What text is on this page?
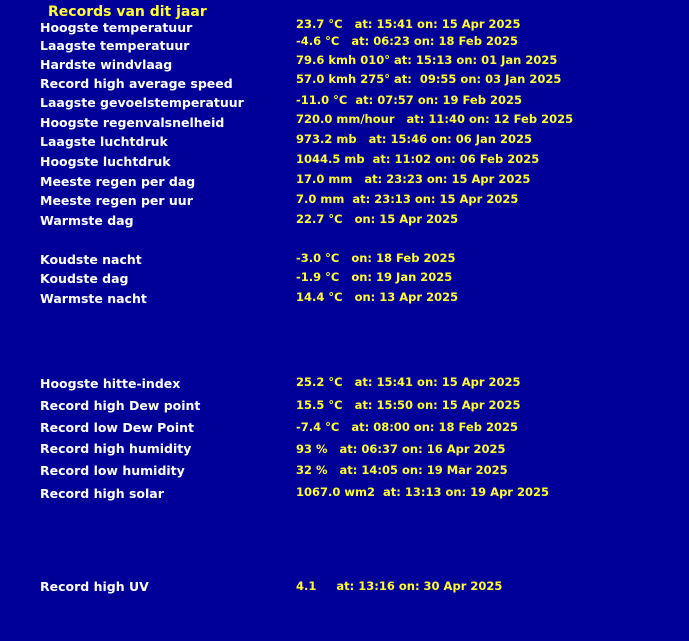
Records van dit jaar
Hoogste temperatuur	23.7 °C   at: 15:41 on: 15 Apr 2025
Laagste temperatuur	-4.6 °C   at: 06:23 on: 18 Feb 2025
Hardste windvlaag	79.6 kmh 010° at: 15:13 on: 01 Jan 2025
Record high average speed	57.0 kmh 275° at:  09:55 on: 03 Jan 2025
Laagste gevoelstemperatuur	-11.0 °C  at: 07:57 on: 19 Feb 2025
Hoogste regenvalsnelheid	720.0 mm/hour   at: 11:40 on: 12 Feb 2025
Laagste luchtdruk	973.2 mb   at: 15:46 on: 06 Jan 2025
Hoogste luchtdruk	1044.5 mb  at: 11:02 on: 06 Feb 2025
Meeste regen per dag	17.0 mm   at: 23:23 on: 15 Apr 2025
Meeste regen per uur	7.0 mm  at: 23:13 on: 15 Apr 2025
Warmste dag	22.7 °C   on: 15 Apr 2025
Koudste nacht	-3.0 °C   on: 18 Feb 2025
Koudste dag	-1.9 °C   on: 19 Jan 2025
Warmste nacht	14.4 °C   on: 13 Apr 2025
Hoogste hitte-index	25.2 °C   at: 15:41 on: 15 Apr 2025
Record high Dew point	15.5 °C   at: 15:50 on: 15 Apr 2025
Record low Dew Point	-7.4 °C   at: 08:00 on: 18 Feb 2025
Record high humidity	93 %   at: 06:37 on: 16 Apr 2025
Record low humidity	32 %   at: 14:05 on: 19 Mar 2025
Record high solar	1067.0 wm2  at: 13:13 on: 19 Apr 2025
Record high UV	4.1     at: 13:16 on: 30 Apr 2025
